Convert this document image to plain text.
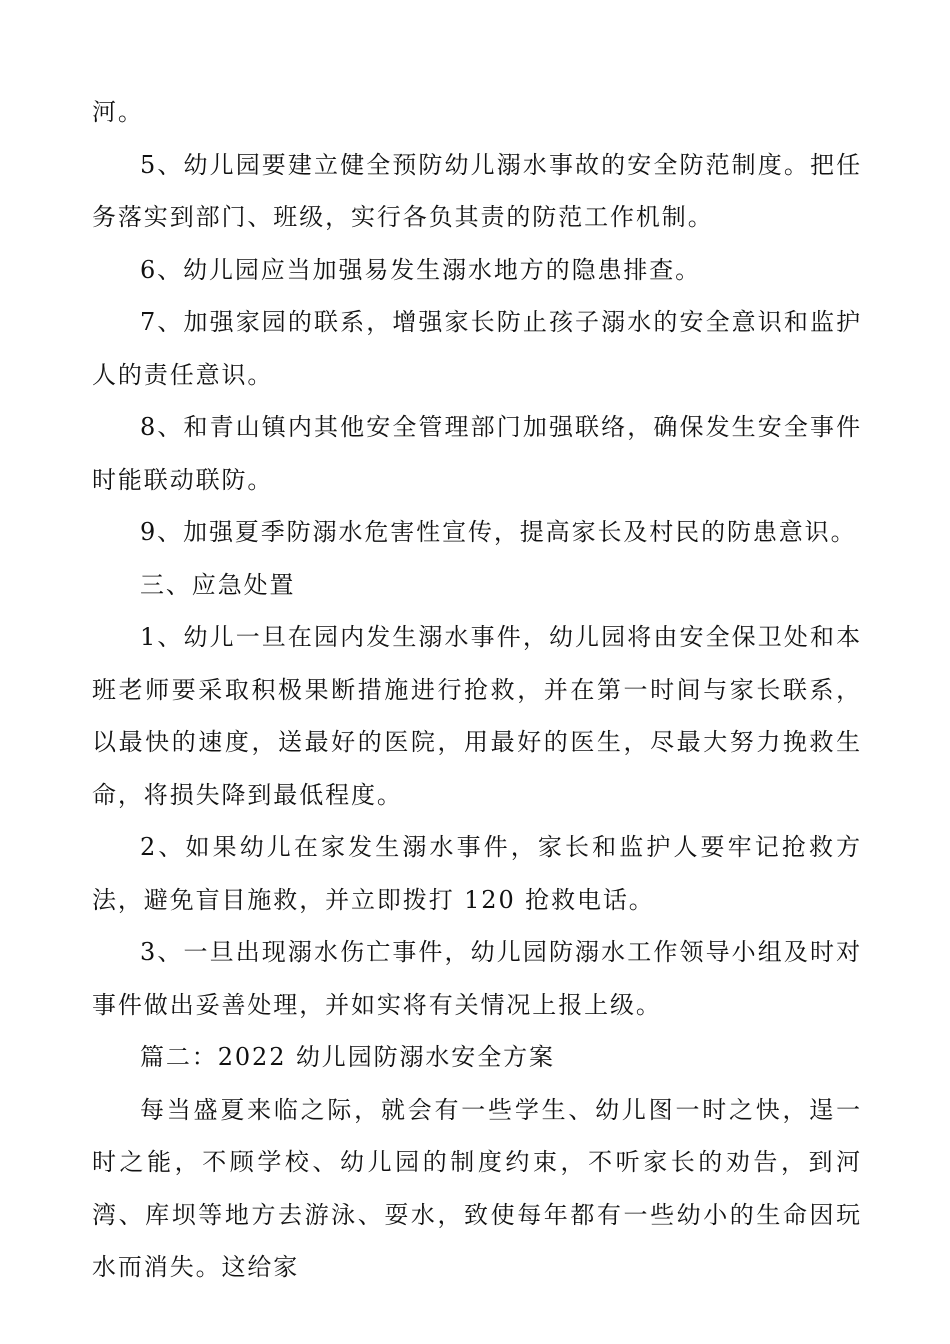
河。

5、幼儿园要建立健全预防幼儿溺水事故的安全防范制度。把任务落实到部门、班级，实行各负其责的防范工作机制。

6、幼儿园应当加强易发生溺水地方的隐患排查。

7、加强家园的联系，增强家长防止孩子溺水的安全意识和监护人的责任意识。

8、和青山镇内其他安全管理部门加强联络，确保发生安全事件时能联动联防。

9、加强夏季防溺水危害性宣传，提高家长及村民的防患意识。

三、应急处置

1、幼儿一旦在园内发生溺水事件，幼儿园将由安全保卫处和本班老师要采取积极果断措施进行抢救，并在第一时间与家长联系，以最快的速度，送最好的医院，用最好的医生，尽最大努力挽救生命，将损失降到最低程度。

2、如果幼儿在家发生溺水事件，家长和监护人要牢记抢救方法，避免盲目施救，并立即拨打 120 抢救电话。

3、一旦出现溺水伤亡事件，幼儿园防溺水工作领导小组及时对事件做出妥善处理，并如实将有关情况上报上级。

篇二：2022 幼儿园防溺水安全方案

每当盛夏来临之际，就会有一些学生、幼儿图一时之快，逞一时之能，不顾学校、幼儿园的制度约束，不听家长的劝告，到河湾、库坝等地方去游泳、耍水，致使每年都有一些幼小的生命因玩水而消失。这给家
